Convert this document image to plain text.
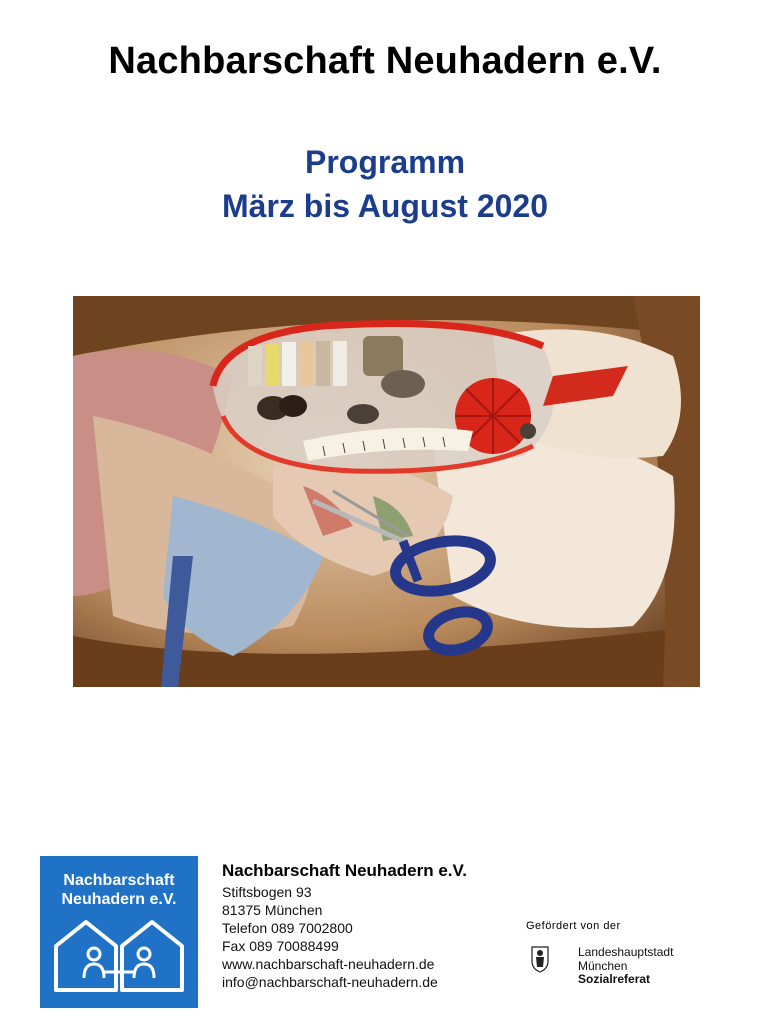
Nachbarschaft Neuhadern e.V.
Programm
März bis August 2020
Nachbarschaft
Neuhadern e.V.
Nachbarschaft Neuhadern e.V.
Stiftsbogen 93
81375 München
Telefon 089 7002800
Fax 089 70088499
www.nachbarschaft-neuhadern.de
info@nachbarschaft-neuhadern.de
Gefördert von der
Landeshauptstadt
München
Sozialreferat
